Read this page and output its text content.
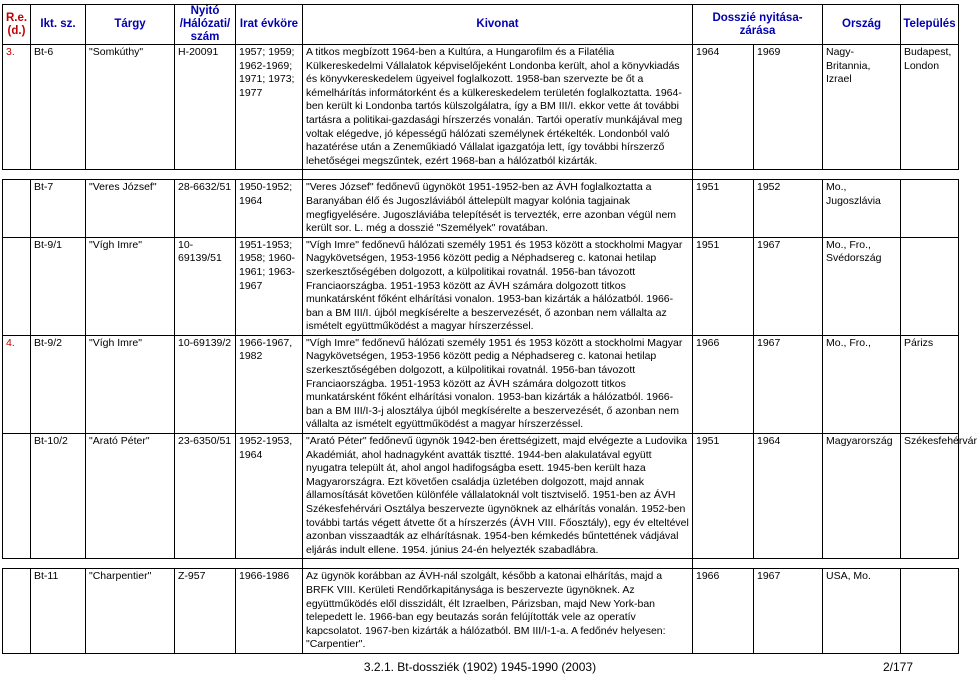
R.e. (d.)	Ikt. sz.	Tárgy	Nyitó /Hálózati/ szám	Irat évköre	Kivonat	Dosszié nyitása- zárása		Ország	Település
3.	Bt-6	"Somkúthy"	H-20091	1957; 1959; 1962-1969; 1971; 1973; 1977	A titkos megbízott 1964-ben a Kultúra, a Hungarofilm és a Filatélia Külkereskedelmi Vállalatok képviselőjeként Londonba került, ahol a könyvkiadás és könyvkereskedelem ügyeivel foglalkozott. 1958-ban szervezte be őt a kémelhárítás informátorként és a külkereskedelem területén foglalkoztatta. 1964-ben került ki Londonba tartós külszolgálatra, így a BM III/I. ekkor vette át további tartásra a politikai-gazdasági hírszerzés vonalán. Tartói operatív munkájával meg voltak elégedve, jó képességű hálózati személynek értékelték. Londonból való hazatérése után a Zeneműkiadó Vállalat igazgatója lett, így további hírszerző lehetőségei megszűntek, ezért 1968-ban a hálózatból kizárták.	1964	1969	Nagy-Britannia, Izrael	Budapest, London

	Bt-7	"Veres József"	28-6632/51	1950-1952; 1964	"Veres József" fedőnevű ügynököt 1951-1952-ben az ÁVH foglalkoztatta a Baranyában élő és Jugoszláviából áttelepült magyar kolónia tagjainak megfigyelésére. Jugoszláviába telepítését is tervezték, erre azonban végül nem került sor. L. még a dosszié "Személyek" rovatában.	1951	1952	Mo., Jugoszlávia	
	Bt-9/1	"Vígh Imre"	10-69139/51	1951-1953; 1958; 1960-1961; 1963-1967	"Vígh Imre" fedőnevű hálózati személy 1951 és 1953 között a stockholmi Magyar Nagykövetségen, 1953-1956 között pedig a Néphadsereg c. katonai hetilap szerkesztőségében dolgozott, a külpolitikai rovatnál. 1956-ban távozott Franciaországba. 1951-1953 között az ÁVH számára dolgozott titkos munkatársként főként elhárítási vonalon. 1953-ban kizárták a hálózatból. 1966-ban a BM III/I. újból megkísérelte a beszervezését, ő azonban nem vállalta az ismételt együttműködést a magyar hírszerzéssel.	1951	1967	Mo., Fro., Svédország	
4.	Bt-9/2	"Vígh Imre"	10-69139/2	1966-1967, 1982	"Vígh Imre" fedőnevű hálózati személy 1951 és 1953 között a stockholmi Magyar Nagykövetségen, 1953-1956 között pedig a Néphadsereg c. katonai hetilap szerkesztőségében dolgozott, a külpolitikai rovatnál. 1956-ban távozott Franciaországba. 1951-1953 között az ÁVH számára dolgozott titkos munkatársként főként elhárítási vonalon. 1953-ban kizárták a hálózatból. 1966-ban a BM III/I-3-j alosztálya újból megkísérelte a beszervezését, ő azonban nem vállalta az ismételt együttműködést a magyar hírszerzéssel.	1966	1967	Mo., Fro.,	Párizs
	Bt-10/2	"Arató Péter"	23-6350/51	1952-1953, 1964	"Arató Péter" fedőnevű ügynök 1942-ben érettségizett, majd elvégezte a Ludovika Akadémiát, ahol hadnagyként avatták tisztté. 1944-ben alakulatával együtt nyugatra települt át, ahol angol hadifogságba esett. 1945-ben került haza Magyarországra. Ezt követően családja üzletében dolgozott, majd annak államosítását követően különféle vállalatoknál volt tisztviselő. 1951-ben az ÁVH Székesfehérvári Osztálya beszervezte ügynöknek az elhárítás vonalán. 1952-ben további tartás végett átvette őt a hírszerzés (ÁVH VIII. Főosztály), egy év elteltével azonban visszaadták az elhárításnak. 1954-ben kémkedés bűntettének vádjával eljárás indult ellene. 1954. június 24-én helyezték szabadlábra.	1951	1964	Magyarország	Székesfehérvár

	Bt-11	"Charpentier"	Z-957	1966-1986	Az ügynök korábban az ÁVH-nál szolgált, később a katonai elhárítás, majd a BRFK VIII. Kerületi Rendőrkapitánysága is beszervezte ügynöknek. Az együttműködés elől disszidált, élt Izraelben, Párizsban, majd New York-ban telepedett le. 1966-ban egy beutazás során felújították vele az operatív kapcsolatot. 1967-ben kizárták a hálózatból. BM III/I-1-a. A fedőnév helyesen: "Carpentier".	1966	1967	USA, Mo.	
3.2.1. Bt-dossziék (1902) 1945-1990 (2003)	2/177
